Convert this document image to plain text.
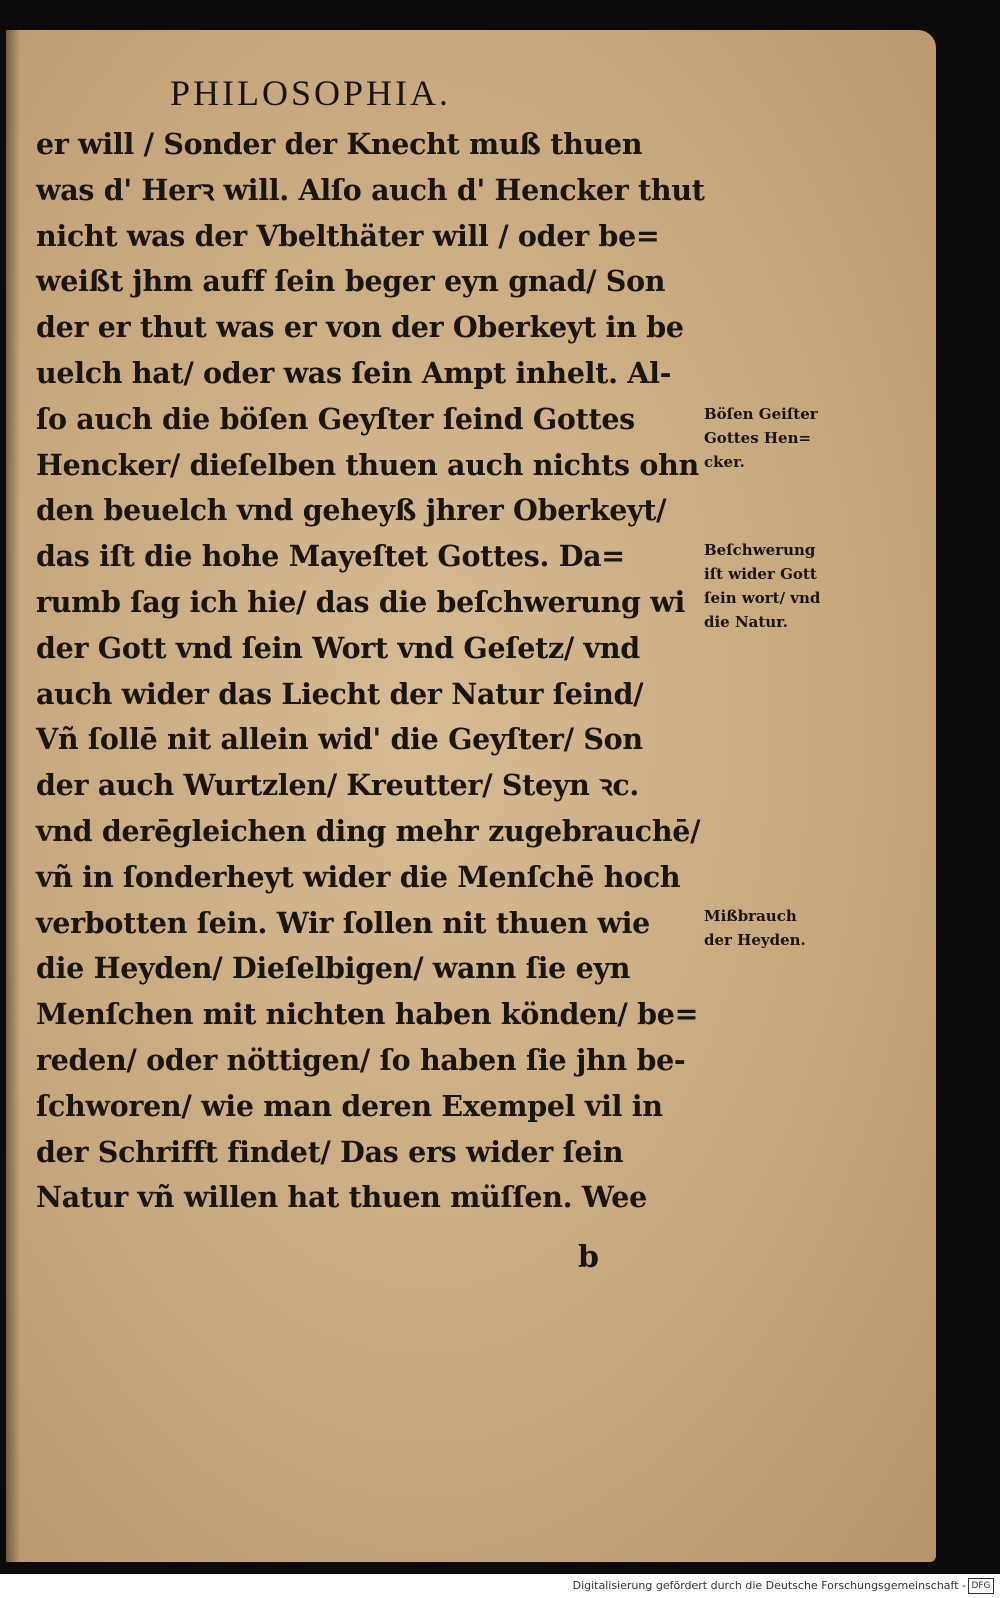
PHILOSOPHIA.
er will / Sonder der Knecht muß thuen
was d' Herꝛ will. Alſo auch d' Hencker thut
nicht was der Vbelthäter will / oder be=
weißt jhm auff ſein beger eyn gnad/ Son
der er thut was er von der Oberkeyt in be
uelch hat/ oder was ſein Ampt inhelt. Al-
ſo auch die böſen Geyſter ſeind Gottes
Hencker/ dieſelben thuen auch nichts ohn
den beuelch vnd geheyß jhrer Oberkeyt/
das iſt die hohe Mayeſtet Gottes. Da=
rumb ſag ich hie/ das die beſchwerung wi
der Gott vnd ſein Wort vnd Geſetz/ vnd
auch wider das Liecht der Natur ſeind/
Vñ ſollē nit allein wid' die Geyſter/ Son
der auch Wurtzlen/ Kreutter/ Steyn ꝛc.
vnd derēgleichen ding mehr zugebrauchē/
vñ in ſonderheyt wider die Menſchē hoch
verbotten ſein. Wir ſollen nit thuen wie
die Heyden/ Dieſelbigen/ wann ſie eyn
Menſchen mit nichten haben könden/ be=
reden/ oder nöttigen/ ſo haben ſie jhn be-
ſchworen/ wie man deren Exempel vil in
der Schrifft findet/ Das ers wider ſein
Natur vñ willen hat thuen müſſen. Wee
Böſen Geiſter
Gottes Hen=
cker.
Beſchwerung
iſt wider Gott
ſein wort/ vnd
die Natur.
Mißbrauch
der Heyden.
b
Digitalisierung gefördert durch die Deutsche Forschungsgemeinschaft - DFG
